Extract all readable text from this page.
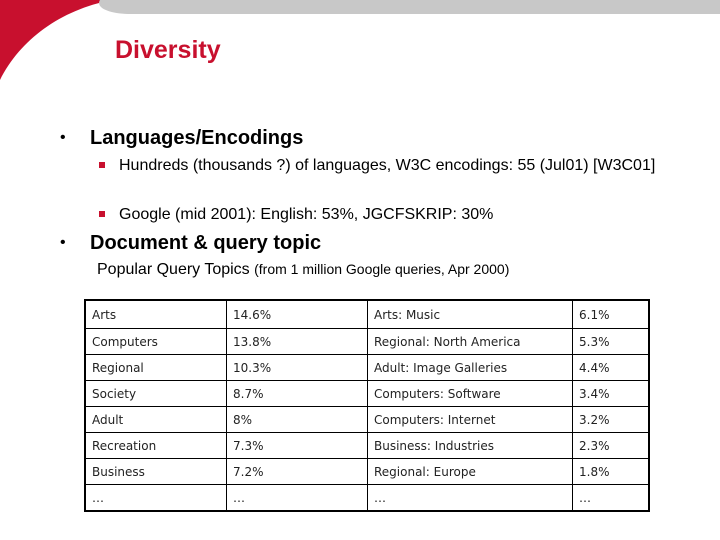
Diversity
• Languages/Encodings
Hundreds (thousands ?) of languages, W3C encodings: 55 (Jul01) [W3C01]
Google (mid 2001): English: 53%, JGCFSKRIP: 30%
• Document & query topic
Popular Query Topics (from 1 million Google queries, Apr 2000)
Arts	14.6%	Arts: Music	6.1%
Computers	13.8%	Regional: North America	5.3%
Regional	10.3%	Adult: Image Galleries	4.4%
Society	8.7%	Computers: Software	3.4%
Adult	8%	Computers: Internet	3.2%
Recreation	7.3%	Business: Industries	2.3%
Business	7.2%	Regional: Europe	1.8%
…	…	…	…
